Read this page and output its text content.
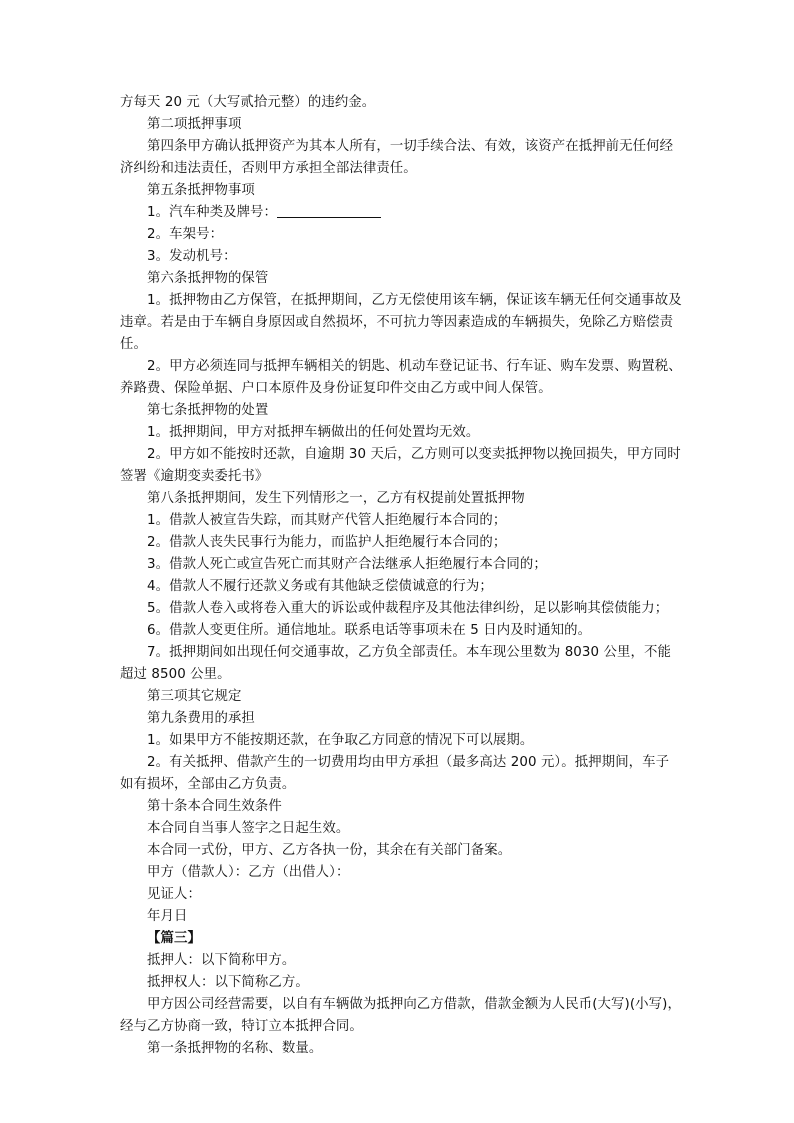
方每天 20 元（大写贰拾元整）的违约金。

第二项抵押事项

第四条甲方确认抵押资产为其本人所有，一切手续合法、有效，该资产在抵押前无任何经济纠纷和违法责任，否则甲方承担全部法律责任。

第五条抵押物事项

1。汽车种类及牌号：

2。车架号：

3。发动机号：

第六条抵押物的保管

1。抵押物由乙方保管，在抵押期间，乙方无偿使用该车辆，保证该车辆无任何交通事故及违章。若是由于车辆自身原因或自然损坏，不可抗力等因素造成的车辆损失，免除乙方赔偿责任。

2。甲方必须连同与抵押车辆相关的钥匙、机动车登记证书、行车证、购车发票、购置税、养路费、保险单据、户口本原件及身份证复印件交由乙方或中间人保管。

第七条抵押物的处置

1。抵押期间，甲方对抵押车辆做出的任何处置均无效。

2。甲方如不能按时还款，自逾期 30 天后，乙方则可以变卖抵押物以挽回损失，甲方同时签署《逾期变卖委托书》

第八条抵押期间，发生下列情形之一，乙方有权提前处置抵押物

1。借款人被宣告失踪，而其财产代管人拒绝履行本合同的；

2。借款人丧失民事行为能力，而监护人拒绝履行本合同的；

3。借款人死亡或宣告死亡而其财产合法继承人拒绝履行本合同的；

4。借款人不履行还款义务或有其他缺乏偿债诚意的行为；

5。借款人卷入或将卷入重大的诉讼或仲裁程序及其他法律纠纷，足以影响其偿债能力；

6。借款人变更住所。通信地址。联系电话等事项未在 5 日内及时通知的。

7。抵押期间如出现任何交通事故，乙方负全部责任。本车现公里数为 8030 公里，不能超过 8500 公里。

第三项其它规定

第九条费用的承担

1。如果甲方不能按期还款，在争取乙方同意的情况下可以展期。

2。有关抵押、借款产生的一切费用均由甲方承担（最多高达 200 元）。抵押期间，车子如有损坏，全部由乙方负责。

第十条本合同生效条件

本合同自当事人签字之日起生效。

本合同一式份，甲方、乙方各执一份，其余在有关部门备案。

甲方（借款人）：乙方（出借人）：

见证人：

年月日

【篇三】

抵押人：以下简称甲方。

抵押权人：以下简称乙方。

甲方因公司经营需要，以自有车辆做为抵押向乙方借款，借款金额为人民币(大写)(小写)，经与乙方协商一致，特订立本抵押合同。

第一条抵押物的名称、数量。
